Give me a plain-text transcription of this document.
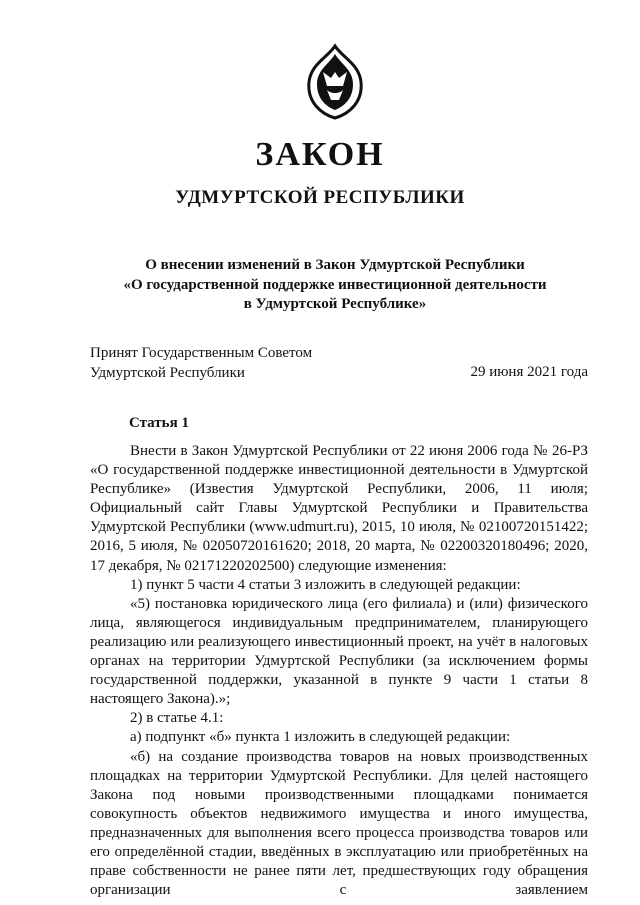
ЗАКОН
УДМУРТСКОЙ РЕСПУБЛИКИ
О внесении изменений в Закон Удмуртской Республики
«О государственной поддержке инвестиционной деятельности
в Удмуртской Республике»
Принят Государственным Советом
Удмуртской Республики	29 июня 2021 года
Статья 1

Внести в Закон Удмуртской Республики от 22 июня 2006 года № 26-РЗ «О государственной поддержке инвестиционной деятельности в Удмуртской Республике» (Известия Удмуртской Республики, 2006, 11 июля; Официальный сайт Главы Удмуртской Республики и Правительства Удмуртской Республики (www.udmurt.ru), 2015, 10 июля, № 02100720151422; 2016, 5 июля, № 02050720161620; 2018, 20 марта, № 02200320180496; 2020, 17 декабря, № 02171220202500) следующие изменения:

1) пункт 5 части 4 статьи 3 изложить в следующей редакции:

«5) постановка юридического лица (его филиала) и (или) физического лица, являющегося индивидуальным предпринимателем, планирующего реализацию или реализующего инвестиционный проект, на учёт в налоговых органах на территории Удмуртской Республики (за исключением формы государственной поддержки, указанной в пункте 9 части 1 статьи 8 настоящего Закона).»;

2) в статье 4.1:

а) подпункт «б» пункта 1 изложить в следующей редакции:

«б) на создание производства товаров на новых производственных площадках на территории Удмуртской Республики. Для целей настоящего Закона под новыми производственными площадками понимается совокупность объектов недвижимого имущества и иного имущества, предназначенных для выполнения всего процесса производства товаров или его определённой стадии, введённых в эксплуатацию или приобретённых на праве собственности не ранее пяти лет, предшествующих году обращения организации с заявлением
